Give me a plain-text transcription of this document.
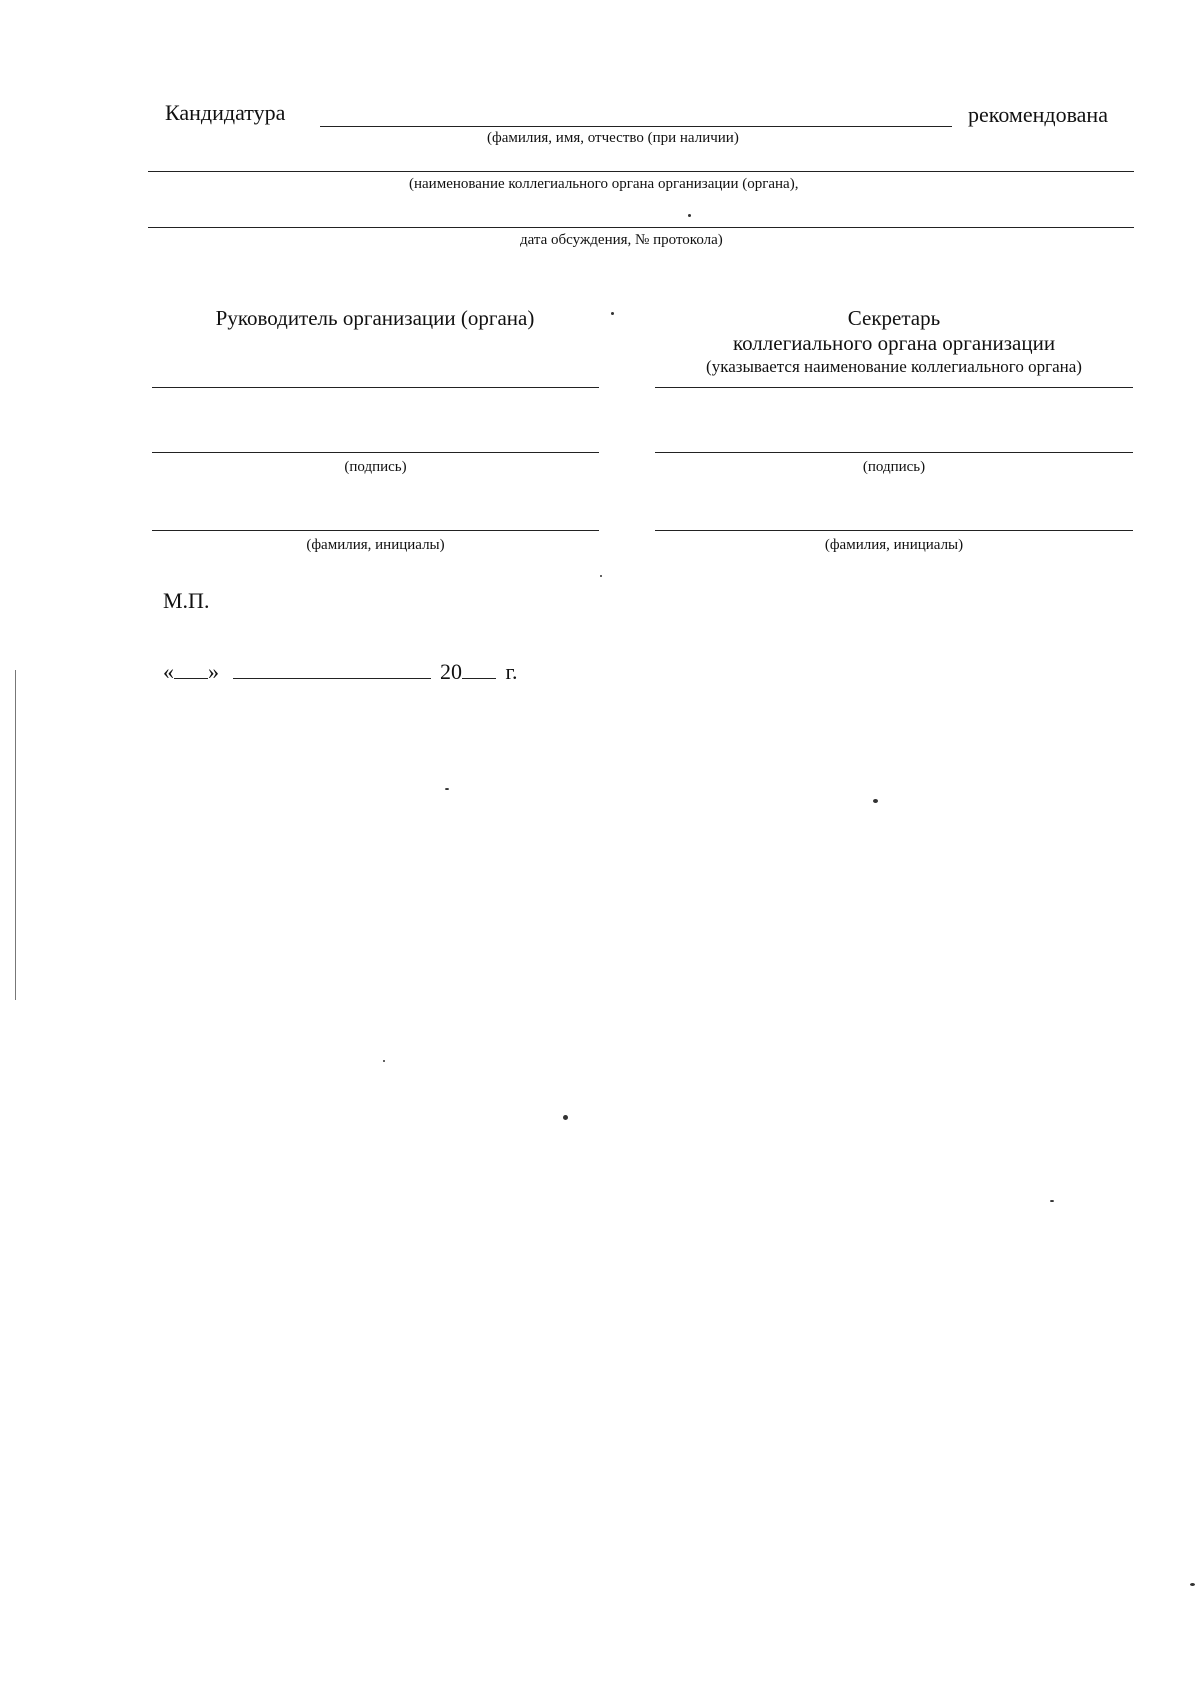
Кандидатура	рекомендована
(фамилия, имя, отчество (при наличии)
(наименование коллегиального органа организации (органа),
дата обсуждения, № протокола)
Руководитель организации (органа)
(подпись)
(фамилия, инициалы)
Секретарь
коллегиального органа организации
(указывается наименование коллегиального органа)
(подпись)
(фамилия, инициалы)
М.П.
« »	20 г.
